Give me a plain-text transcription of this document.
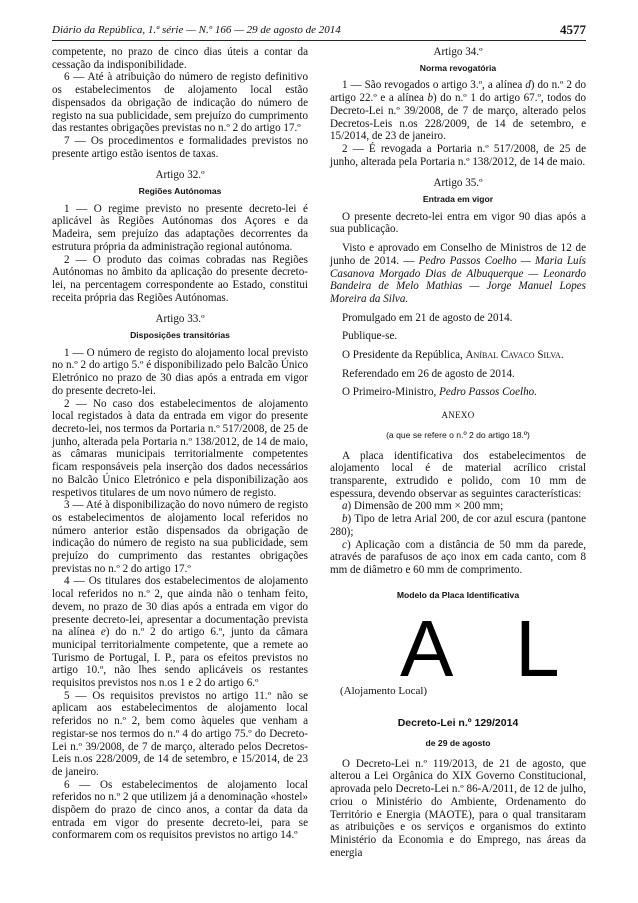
Diário da República, 1.ª série — N.º 166 — 29 de agosto de 2014	4577

competente, no prazo de cinco dias úteis a contar da cessação da indisponibilidade.

6 — Até à atribuição do número de registo definitivo os estabelecimentos de alojamento local estão dispensados da obrigação de indicação do número de registo na sua publicidade, sem prejuízo do cumprimento das restantes obrigações previstas no n.º 2 do artigo 17.º

7 — Os procedimentos e formalidades previstos no presente artigo estão isentos de taxas.

Artigo 32.º

Regiões Autónomas

1 — O regime previsto no presente decreto-lei é aplicável às Regiões Autónomas dos Açores e da Madeira, sem prejuízo das adaptações decorrentes da estrutura própria da administração regional autónoma.

2 — O produto das coimas cobradas nas Regiões Autónomas no âmbito da aplicação do presente decreto-lei, na percentagem correspondente ao Estado, constitui receita própria das Regiões Autónomas.

Artigo 33.º

Disposições transitórias

1 — O número de registo do alojamento local previsto no n.º 2 do artigo 5.º é disponibilizado pelo Balcão Único Eletrónico no prazo de 30 dias após a entrada em vigor do presente decreto-lei.

2 — No caso dos estabelecimentos de alojamento local registados à data da entrada em vigor do presente decreto-lei, nos termos da Portaria n.º 517/2008, de 25 de junho, alterada pela Portaria n.º 138/2012, de 14 de maio, as câmaras municipais territorialmente competentes ficam responsáveis pela inserção dos dados necessários no Balcão Único Eletrónico e pela disponibilização aos respetivos titulares de um novo número de registo.

3 — Até à disponibilização do novo número de registo os estabelecimentos de alojamento local referidos no número anterior estão dispensados da obrigação de indicação do número de registo na sua publicidade, sem prejuízo do cumprimento das restantes obrigações previstas no n.º 2 do artigo 17.º

4 — Os titulares dos estabelecimentos de alojamento local referidos no n.º 2, que ainda não o tenham feito, devem, no prazo de 30 dias após a entrada em vigor do presente decreto-lei, apresentar a documentação prevista na alínea e) do n.º 2 do artigo 6.º, junto da câmara municipal territorialmente competente, que a remete ao Turismo de Portugal, I. P., para os efeitos previstos no artigo 10.º, não lhes sendo aplicáveis os restantes requisitos previstos nos n.os 1 e 2 do artigo 6.º

5 — Os requisitos previstos no artigo 11.º não se aplicam aos estabelecimentos de alojamento local referidos no n.º 2, bem como àqueles que venham a registar-se nos termos do n.º 4 do artigo 75.º do Decreto-Lei n.º 39/2008, de 7 de março, alterado pelos Decretos-Leis n.os 228/2009, de 14 de setembro, e 15/2014, de 23 de janeiro.

6 — Os estabelecimentos de alojamento local referidos no n.º 2 que utilizem já a denominação «hostel» dispõem do prazo de cinco anos, a contar da data da entrada em vigor do presente decreto-lei, para se conformarem com os requisitos previstos no artigo 14.º

Artigo 34.º

Norma revogatória

1 — São revogados o artigo 3.º, a alínea d) do n.º 2 do artigo 22.º e a alínea b) do n.º 1 do artigo 67.º, todos do Decreto-Lei n.º 39/2008, de 7 de março, alterado pelos Decretos-Leis n.os 228/2009, de 14 de setembro, e 15/2014, de 23 de janeiro.

2 — É revogada a Portaria n.º 517/2008, de 25 de junho, alterada pela Portaria n.º 138/2012, de 14 de maio.

Artigo 35.º

Entrada em vigor

O presente decreto-lei entra em vigor 90 dias após a sua publicação.

Visto e aprovado em Conselho de Ministros de 12 de junho de 2014. — Pedro Passos Coelho — Maria Luís Casanova Morgado Dias de Albuquerque — Leonardo Bandeira de Melo Mathias — Jorge Manuel Lopes Moreira da Silva.

Promulgado em 21 de agosto de 2014.

Publique-se.

O Presidente da República, Aníbal Cavaco Silva.

Referendado em 26 de agosto de 2014.

O Primeiro-Ministro, Pedro Passos Coelho.

ANEXO

(a que se refere o n.º 2 do artigo 18.º)

A placa identificativa dos estabelecimentos de alojamento local é de material acrílico cristal transparente, extrudido e polido, com 10 mm de espessura, devendo observar as seguintes características:

a) Dimensão de 200 mm × 200 mm;

b) Tipo de letra Arial 200, de cor azul escura (pantone 280);

c) Aplicação com a distância de 50 mm da parede, através de parafusos de aço inox em cada canto, com 8 mm de diâmetro e 60 mm de comprimento.

Modelo da Placa Identificativa
A L
(Alojamento Local)
Decreto-Lei n.º 129/2014
de 29 de agosto

O Decreto-Lei n.º 119/2013, de 21 de agosto, que alterou a Lei Orgânica do XIX Governo Constitucional, aprovada pelo Decreto-Lei n.º 86-A/2011, de 12 de julho, criou o Ministério do Ambiente, Ordenamento do Território e Energia (MAOTE), para o qual transitaram as atribuições e os serviços e organismos do extinto Ministério da Economia e do Emprego, nas áreas da energia
